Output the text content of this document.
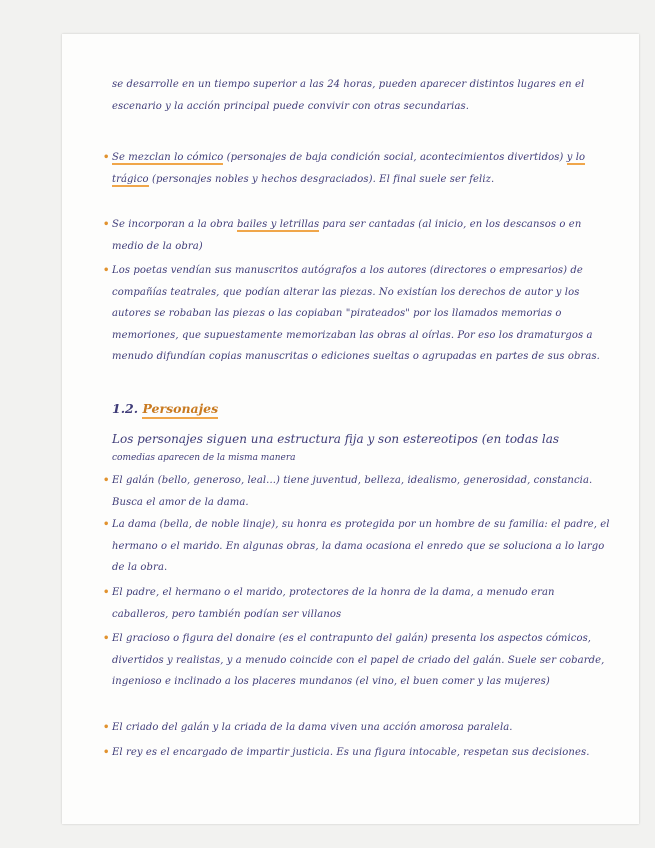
se desarrolle en un tiempo superior a las 24 horas, pueden aparecer distintos lugares en el escenario y la acción principal puede convivir con otras secundarias.
• Se mezclan lo cómico (personajes de baja condición social, acontecimientos divertidos) y lo trágico (personajes nobles y hechos desgraciados). El final suele ser feliz.
• Se incorporan a la obra bailes y letrillas para ser cantadas (al inicio, en los descansos o en medio de la obra)
• Los poetas vendían sus manuscritos autógrafos a los autores (directores o empresarios) de compañías teatrales, que podían alterar las piezas. No existían los derechos de autor y los autores se robaban las piezas o las copiaban "pirateados" por los llamados memorias o memoriones, que supuestamente memorizaban las obras al oírlas. Por eso los dramaturgos a menudo difundían copias manuscritas o ediciones sueltas o agrupadas en partes de sus obras.
1.2. Personajes
Los personajes siguen una estructura fija y son estereotipos (en todas las
comedias aparecen de la misma manera
• El galán (bello, generoso, leal...) tiene juventud, belleza, idealismo, generosidad, constancia. Busca el amor de la dama.
• La dama (bella, de noble linaje), su honra es protegida por un hombre de su familia: el padre, el hermano o el marido. En algunas obras, la dama ocasiona el enredo que se soluciona a lo largo de la obra.
• El padre, el hermano o el marido, protectores de la honra de la dama, a menudo eran caballeros, pero también podían ser villanos
• El gracioso o figura del donaire (es el contrapunto del galán) presenta los aspectos cómicos, divertidos y realistas, y a menudo coincide con el papel de criado del galán. Suele ser cobarde, ingenioso e inclinado a los placeres mundanos (el vino, el buen comer y las mujeres)
• El criado del galán y la criada de la dama viven una acción amorosa paralela.
• El rey es el encargado de impartir justicia. Es una figura intocable, respetan sus decisiones.
